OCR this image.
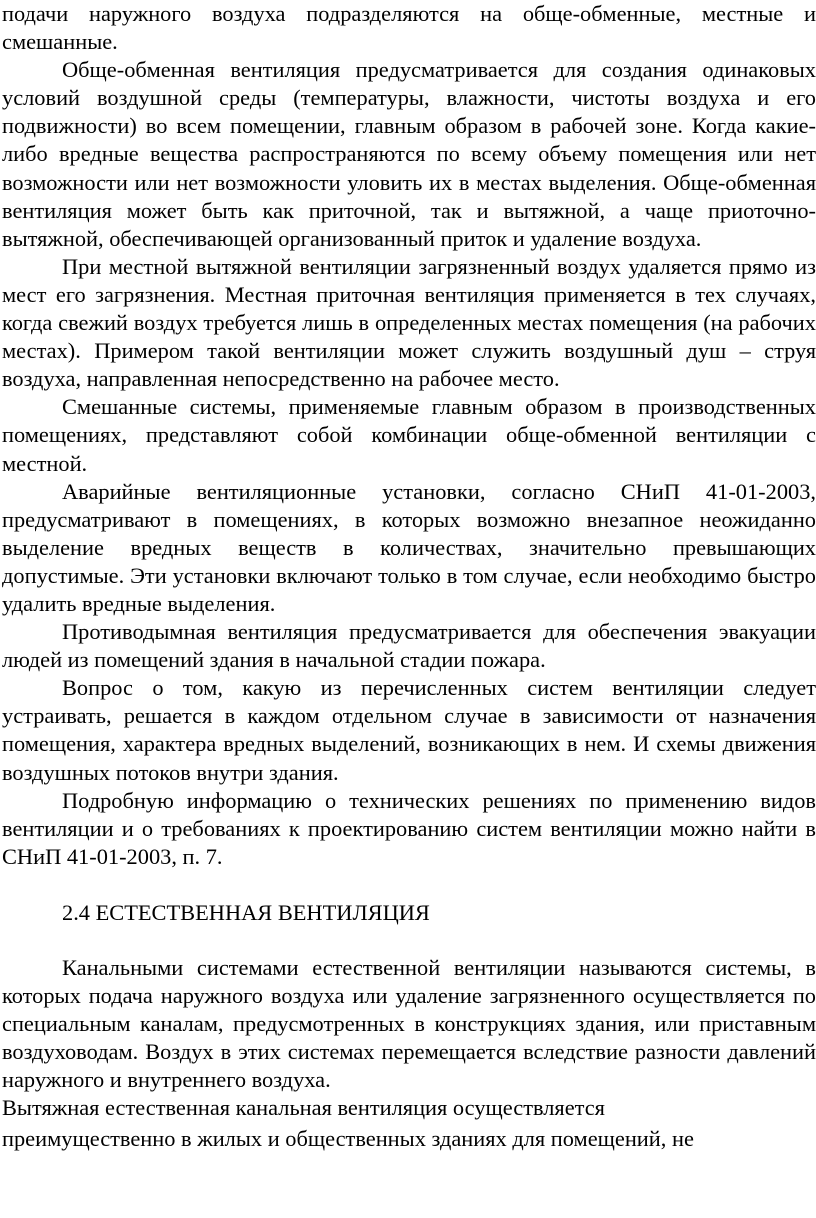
подачи наружного воздуха подразделяются на обще-обменные, местные и смешанные.

Обще-обменная вентиляция предусматривается для создания одинаковых условий воздушной среды (температуры, влажности, чистоты воздуха и его подвижности) во всем помещении, главным образом в рабочей зоне. Когда какие-либо вредные вещества распространяются по всему объему помещения или нет возможности или нет возможности уловить их в местах выделения. Обще-обменная вентиляция может быть как приточной, так и вытяжной, а чаще приоточно-вытяжной, обеспечивающей организованный приток и удаление воздуха.

При местной вытяжной вентиляции загрязненный воздух удаляется прямо из мест его загрязнения. Местная приточная вентиляция применяется в тех случаях, когда свежий воздух требуется лишь в определенных местах помещения (на рабочих местах). Примером такой вентиляции может служить воздушный душ – струя воздуха, направленная непосредственно на рабочее место.

Смешанные системы, применяемые главным образом в производственных помещениях, представляют собой комбинации обще-обменной вентиляции с местной.

Аварийные вентиляционные установки, согласно СНиП 41-01-2003, предусматривают в помещениях, в которых возможно внезапное неожиданно выделение вредных веществ в количествах, значительно превышающих допустимые. Эти установки включают только в том случае, если необходимо быстро удалить вредные выделения.

Противодымная вентиляция предусматривается для обеспечения эвакуации людей из помещений здания в начальной стадии пожара.

Вопрос о том, какую из перечисленных систем вентиляции следует устраивать, решается в каждом отдельном случае в зависимости от назначения помещения, характера вредных выделений, возникающих в нем. И схемы движения воздушных потоков внутри здания.

Подробную информацию о технических решениях по применению видов вентиляции и о требованиях к проектированию систем вентиляции можно найти в СНиП 41-01-2003, п. 7.

2.4 ЕСТЕСТВЕННАЯ ВЕНТИЛЯЦИЯ

Канальными системами естественной вентиляции называются системы, в которых подача наружного воздуха или удаление загрязненного осуществляется по специальным каналам, предусмотренных в конструкциях здания, или приставным воздуховодам. Воздух в этих системах перемещается вследствие разности давлений наружного и внутреннего воздуха.

Вытяжная естественная канальная вентиляция осуществляется

преимущественно в жилых и общественных зданиях для помещений, не
